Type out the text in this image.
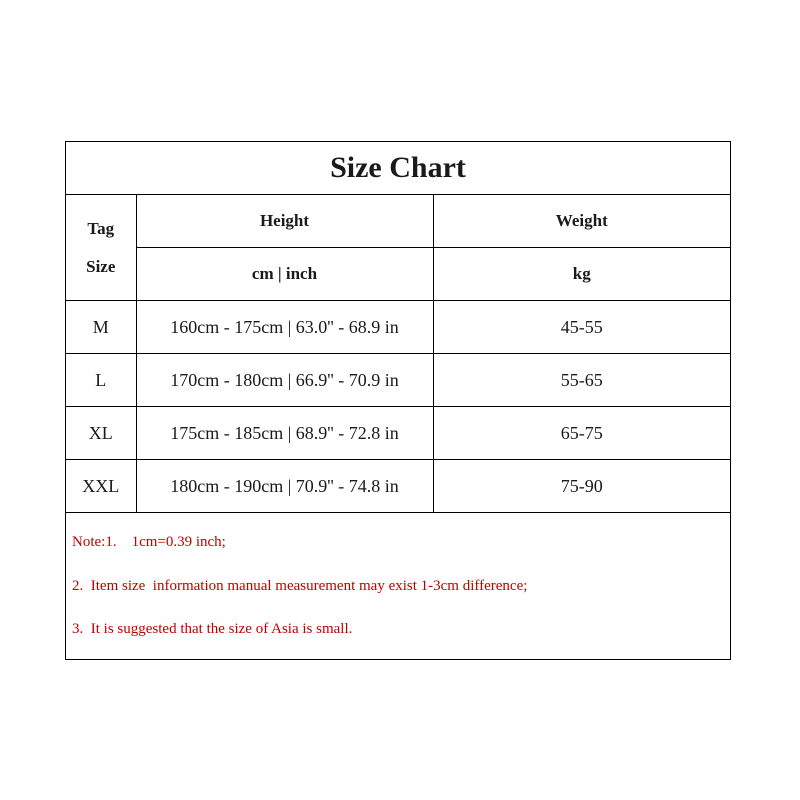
Size Chart		

Tag
Size	Height	Weight
	cm | inch	kg
M	160cm - 175cm | 63.0'' - 68.9 in	45-55
L	170cm - 180cm | 66.9'' - 70.9 in	55-65
XL	175cm - 185cm | 68.9'' - 72.8 in	65-75
XXL	180cm - 190cm | 70.9'' - 74.8 in	75-90
Note:1.    1cm=0.39 inch;
2.  Item size  information manual measurement may exist 1-3cm difference;
3.  It is suggested that the size of Asia is small.
